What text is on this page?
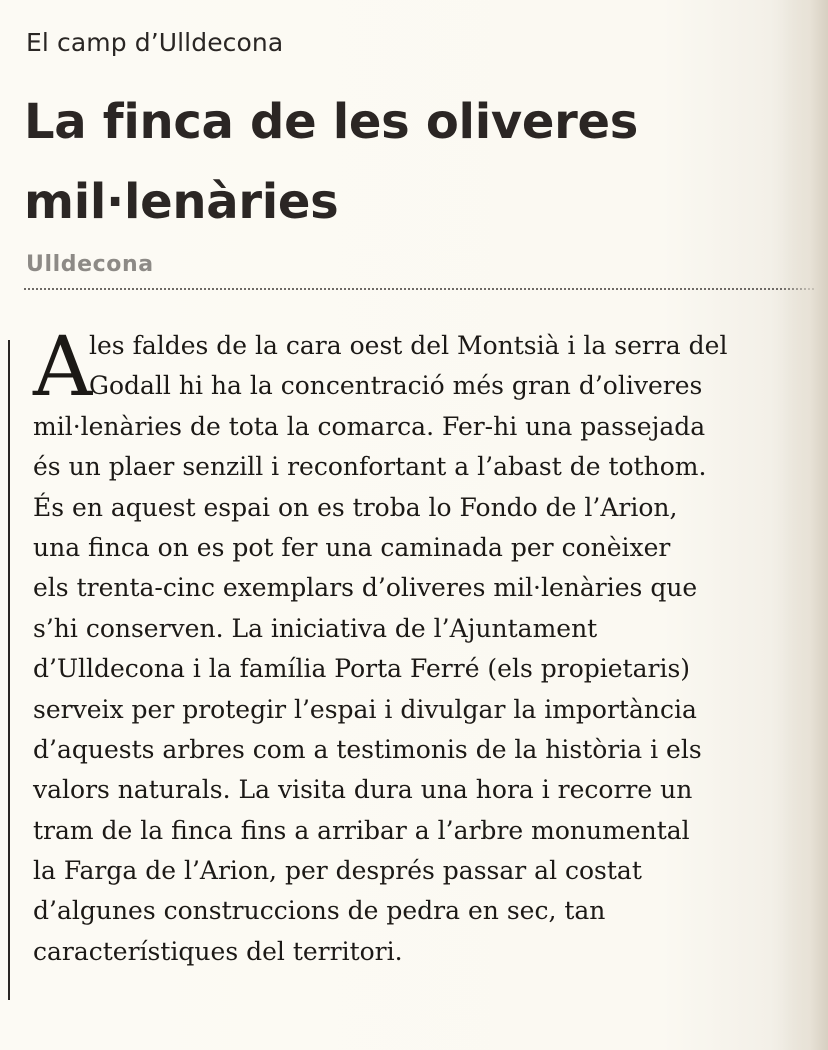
El camp d’Ulldecona
La finca de les oliveres mil·lenàries
Ulldecona
A
les faldes de la cara oest del Montsià i la serra del
Godall hi ha la concentració més gran d’oliveres
mil·lenàries de tota la comarca. Fer-hi una passejada
és un plaer senzill i reconfortant a l’abast de tothom.
És en aquest espai on es troba lo Fondo de l’Arion,
una finca on es pot fer una caminada per conèixer
els trenta-cinc exemplars d’oliveres mil·lenàries que
s’hi conserven. La iniciativa de l’Ajuntament
d’Ulldecona i la família Porta Ferré (els propietaris)
serveix per protegir l’espai i divulgar la importància
d’aquests arbres com a testimonis de la història i els
valors naturals. La visita dura una hora i recorre un
tram de la finca fins a arribar a l’arbre monumental
la Farga de l’Arion, per després passar al costat
d’algunes construccions de pedra en sec, tan
característiques del territori.
